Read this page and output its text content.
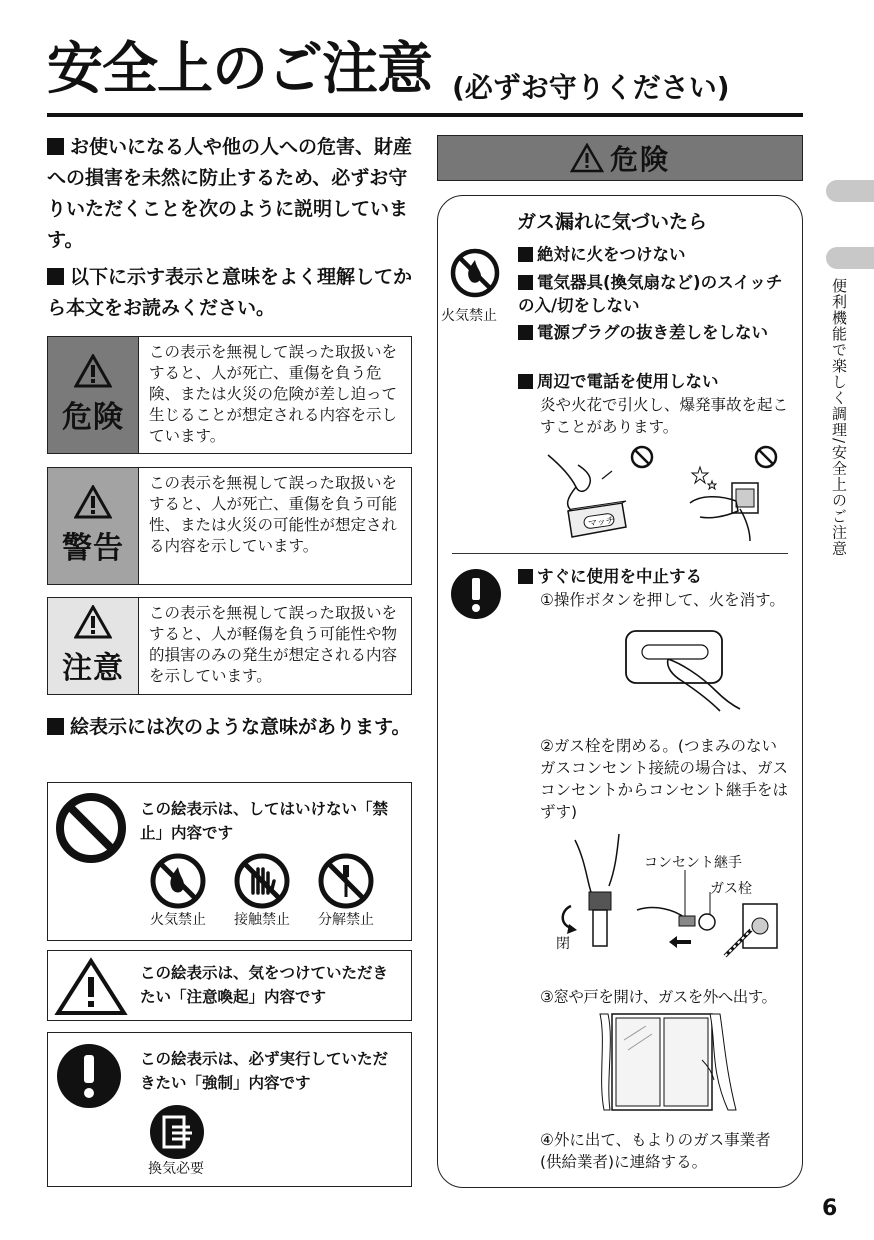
安全上のご注意 (必ずお守りください)
お使いになる人や他の人への危害、財産への損害を未然に防止するため、必ずお守りいただくことを次のように説明しています。
以下に示す表示と意味をよく理解してから本文をお読みください。
危険
この表示を無視して誤った取扱いをすると、人が死亡、重傷を負う危険、または火災の危険が差し迫って生じることが想定される内容を示しています。
警告
この表示を無視して誤った取扱いをすると、人が死亡、重傷を負う可能性、または火災の可能性が想定される内容を示しています。
注意
この表示を無視して誤った取扱いをすると、人が軽傷を負う可能性や物的損害のみの発生が想定される内容を示しています。
絵表示には次のような意味があります。
この絵表示は、してはいけない「禁止」内容です
火気禁止	接触禁止	分解禁止
この絵表示は、気をつけていただきたい「注意喚起」内容です
この絵表示は、必ず実行していただきたい「強制」内容です
換気必要
危険
ガス漏れに気づいたら
火気禁止
絶対に火をつけない
電気器具(換気扇など)のスイッチの入/切をしない
電源プラグの抜き差しをしない
周辺で電話を使用しない
炎や火花で引火し、爆発事故を起こすことがあります。
マッチ
すぐに使用を中止する
①操作ボタンを押して、火を消す。
②ガス栓を閉める。(つまみのないガスコンセント接続の場合は、ガスコンセントからコンセント継手をはずす)
閉
コンセント継手
ガス栓
③窓や戸を開け、ガスを外へ出す。
④外に出て、もよりのガス事業者(供給業者)に連絡する。
便利機能で楽しく調理/安全上のご注意
6
